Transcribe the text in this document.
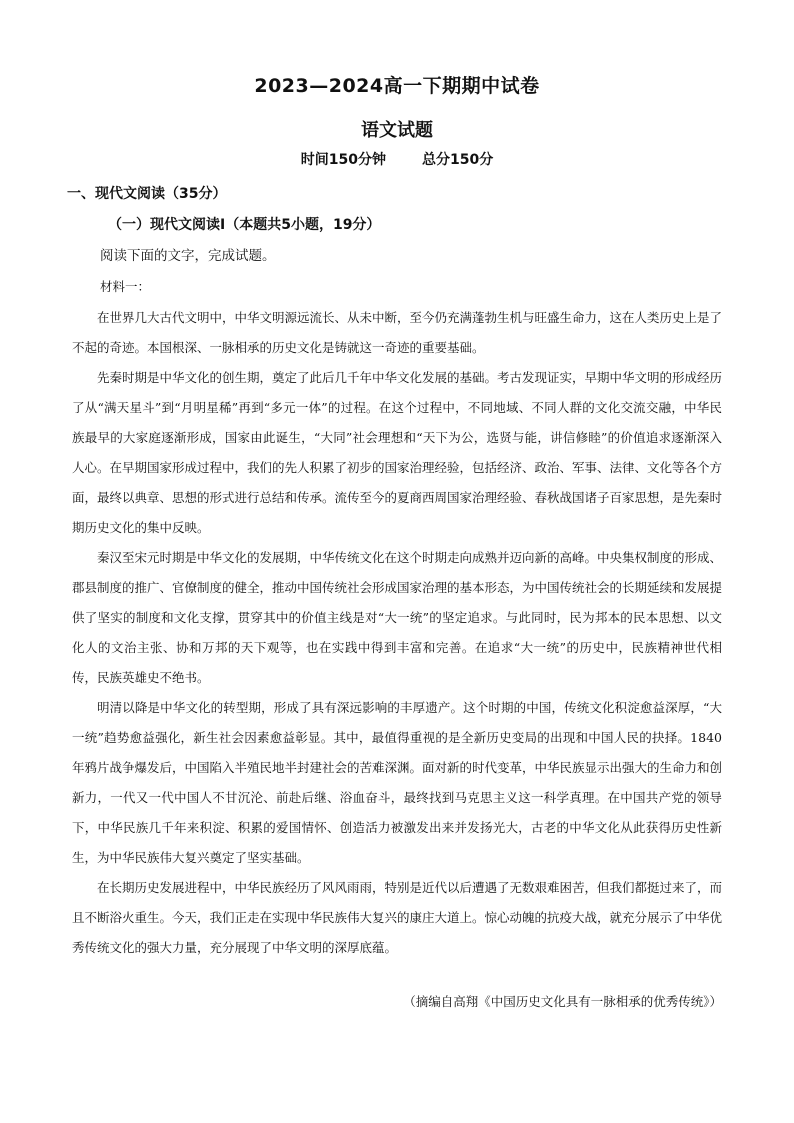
2023—2024高一下期期中试卷
语文试题
时间150分钟	总分150分
一、现代文阅读（35分）
（一）现代文阅读Ⅰ（本题共5小题，19分）
阅读下面的文字，完成试题。
材料一：

在世界几大古代文明中，中华文明源远流长、从未中断，至今仍充满蓬勃生机与旺盛生命力，这在人类历史上是了不起的奇迹。本国根深、一脉相承的历史文化是铸就这一奇迹的重要基础。

先秦时期是中华文化的创生期，奠定了此后几千年中华文化发展的基础。考古发现证实，早期中华文明的形成经历了从“满天星斗”到“月明星稀”再到“多元一体”的过程。在这个过程中，不同地域、不同人群的文化交流交融，中华民族最早的大家庭逐渐形成，国家由此诞生，“大同”社会理想和“天下为公，选贤与能，讲信修睦”的价值追求逐渐深入人心。在早期国家形成过程中，我们的先人积累了初步的国家治理经验，包括经济、政治、军事、法律、文化等各个方面，最终以典章、思想的形式进行总结和传承。流传至今的夏商西周国家治理经验、春秋战国诸子百家思想，是先秦时期历史文化的集中反映。

秦汉至宋元时期是中华文化的发展期，中华传统文化在这个时期走向成熟并迈向新的高峰。中央集权制度的形成、郡县制度的推广、官僚制度的健全，推动中国传统社会形成国家治理的基本形态，为中国传统社会的长期延续和发展提供了坚实的制度和文化支撑，贯穿其中的价值主线是对“大一统”的坚定追求。与此同时，民为邦本的民本思想、以文化人的文治主张、协和万邦的天下观等，也在实践中得到丰富和完善。在追求“大一统”的历史中，民族精神世代相传，民族英雄史不绝书。

明清以降是中华文化的转型期，形成了具有深远影响的丰厚遗产。这个时期的中国，传统文化积淀愈益深厚，“大一统”趋势愈益强化，新生社会因素愈益彰显。其中，最值得重视的是全新历史变局的出现和中国人民的抉择。1840年鸦片战争爆发后，中国陷入半殖民地半封建社会的苦难深渊。面对新的时代变革，中华民族显示出强大的生命力和创新力，一代又一代中国人不甘沉沦、前赴后继、浴血奋斗，最终找到马克思主义这一科学真理。在中国共产党的领导下，中华民族几千年来积淀、积累的爱国情怀、创造活力被激发出来并发扬光大，古老的中华文化从此获得历史性新生，为中华民族伟大复兴奠定了坚实基础。

在长期历史发展进程中，中华民族经历了风风雨雨，特别是近代以后遭遇了无数艰难困苦，但我们都挺过来了，而且不断浴火重生。今天，我们正走在实现中华民族伟大复兴的康庄大道上。惊心动魄的抗疫大战，就充分展示了中华优秀传统文化的强大力量，充分展现了中华文明的深厚底蕴。

（摘编自高翔《中国历史文化具有一脉相承的优秀传统》）
